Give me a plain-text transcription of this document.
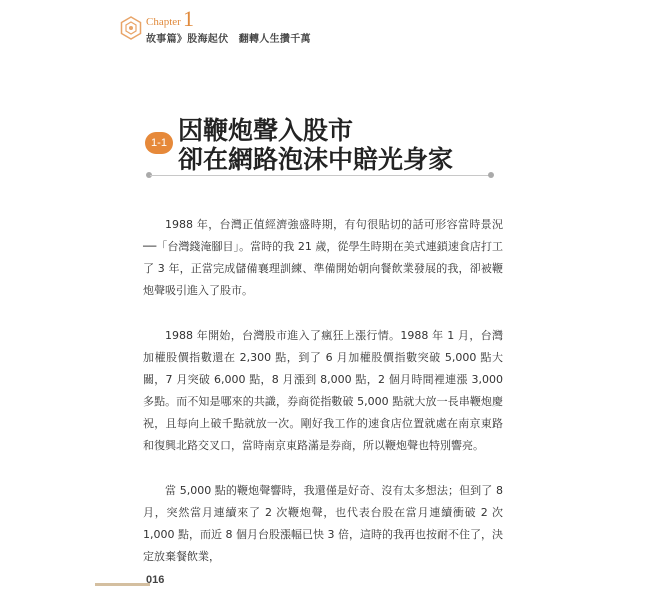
Chapter 1
故事篇》股海起伏　翻轉人生攢千萬
1-1 因鞭炮聲入股市
卻在網路泡沫中賠光身家

1988 年，台灣正值經濟強盛時期，有句很貼切的話可形容當時景況──「台灣錢淹腳目」。當時的我 21 歲，從學生時期在美式連鎖速食店打工了 3 年，正當完成儲備襄理訓練、準備開始朝向餐飲業發展的我，卻被鞭炮聲吸引進入了股市。

1988 年開始，台灣股市進入了瘋狂上漲行情。1988 年 1 月，台灣加權股價指數還在 2,300 點，到了 6 月加權股價指數突破 5,000 點大關，7 月突破 6,000 點，8 月漲到 8,000 點，2 個月時間裡連漲 3,000 多點。而不知是哪來的共識，券商從指數破 5,000 點就大放一長串鞭炮慶祝，且每向上破千點就放一次。剛好我工作的速食店位置就處在南京東路和復興北路交叉口，當時南京東路滿是券商，所以鞭炮聲也特別響亮。

當 5,000 點的鞭炮聲響時，我還僅是好奇、沒有太多想法；但到了 8 月，突然當月連續來了 2 次鞭炮聲，也代表台股在當月連續衝破 2 次 1,000 點，而近 8 個月台股漲幅已快 3 倍，這時的我再也按耐不住了，決定放棄餐飲業，

016
